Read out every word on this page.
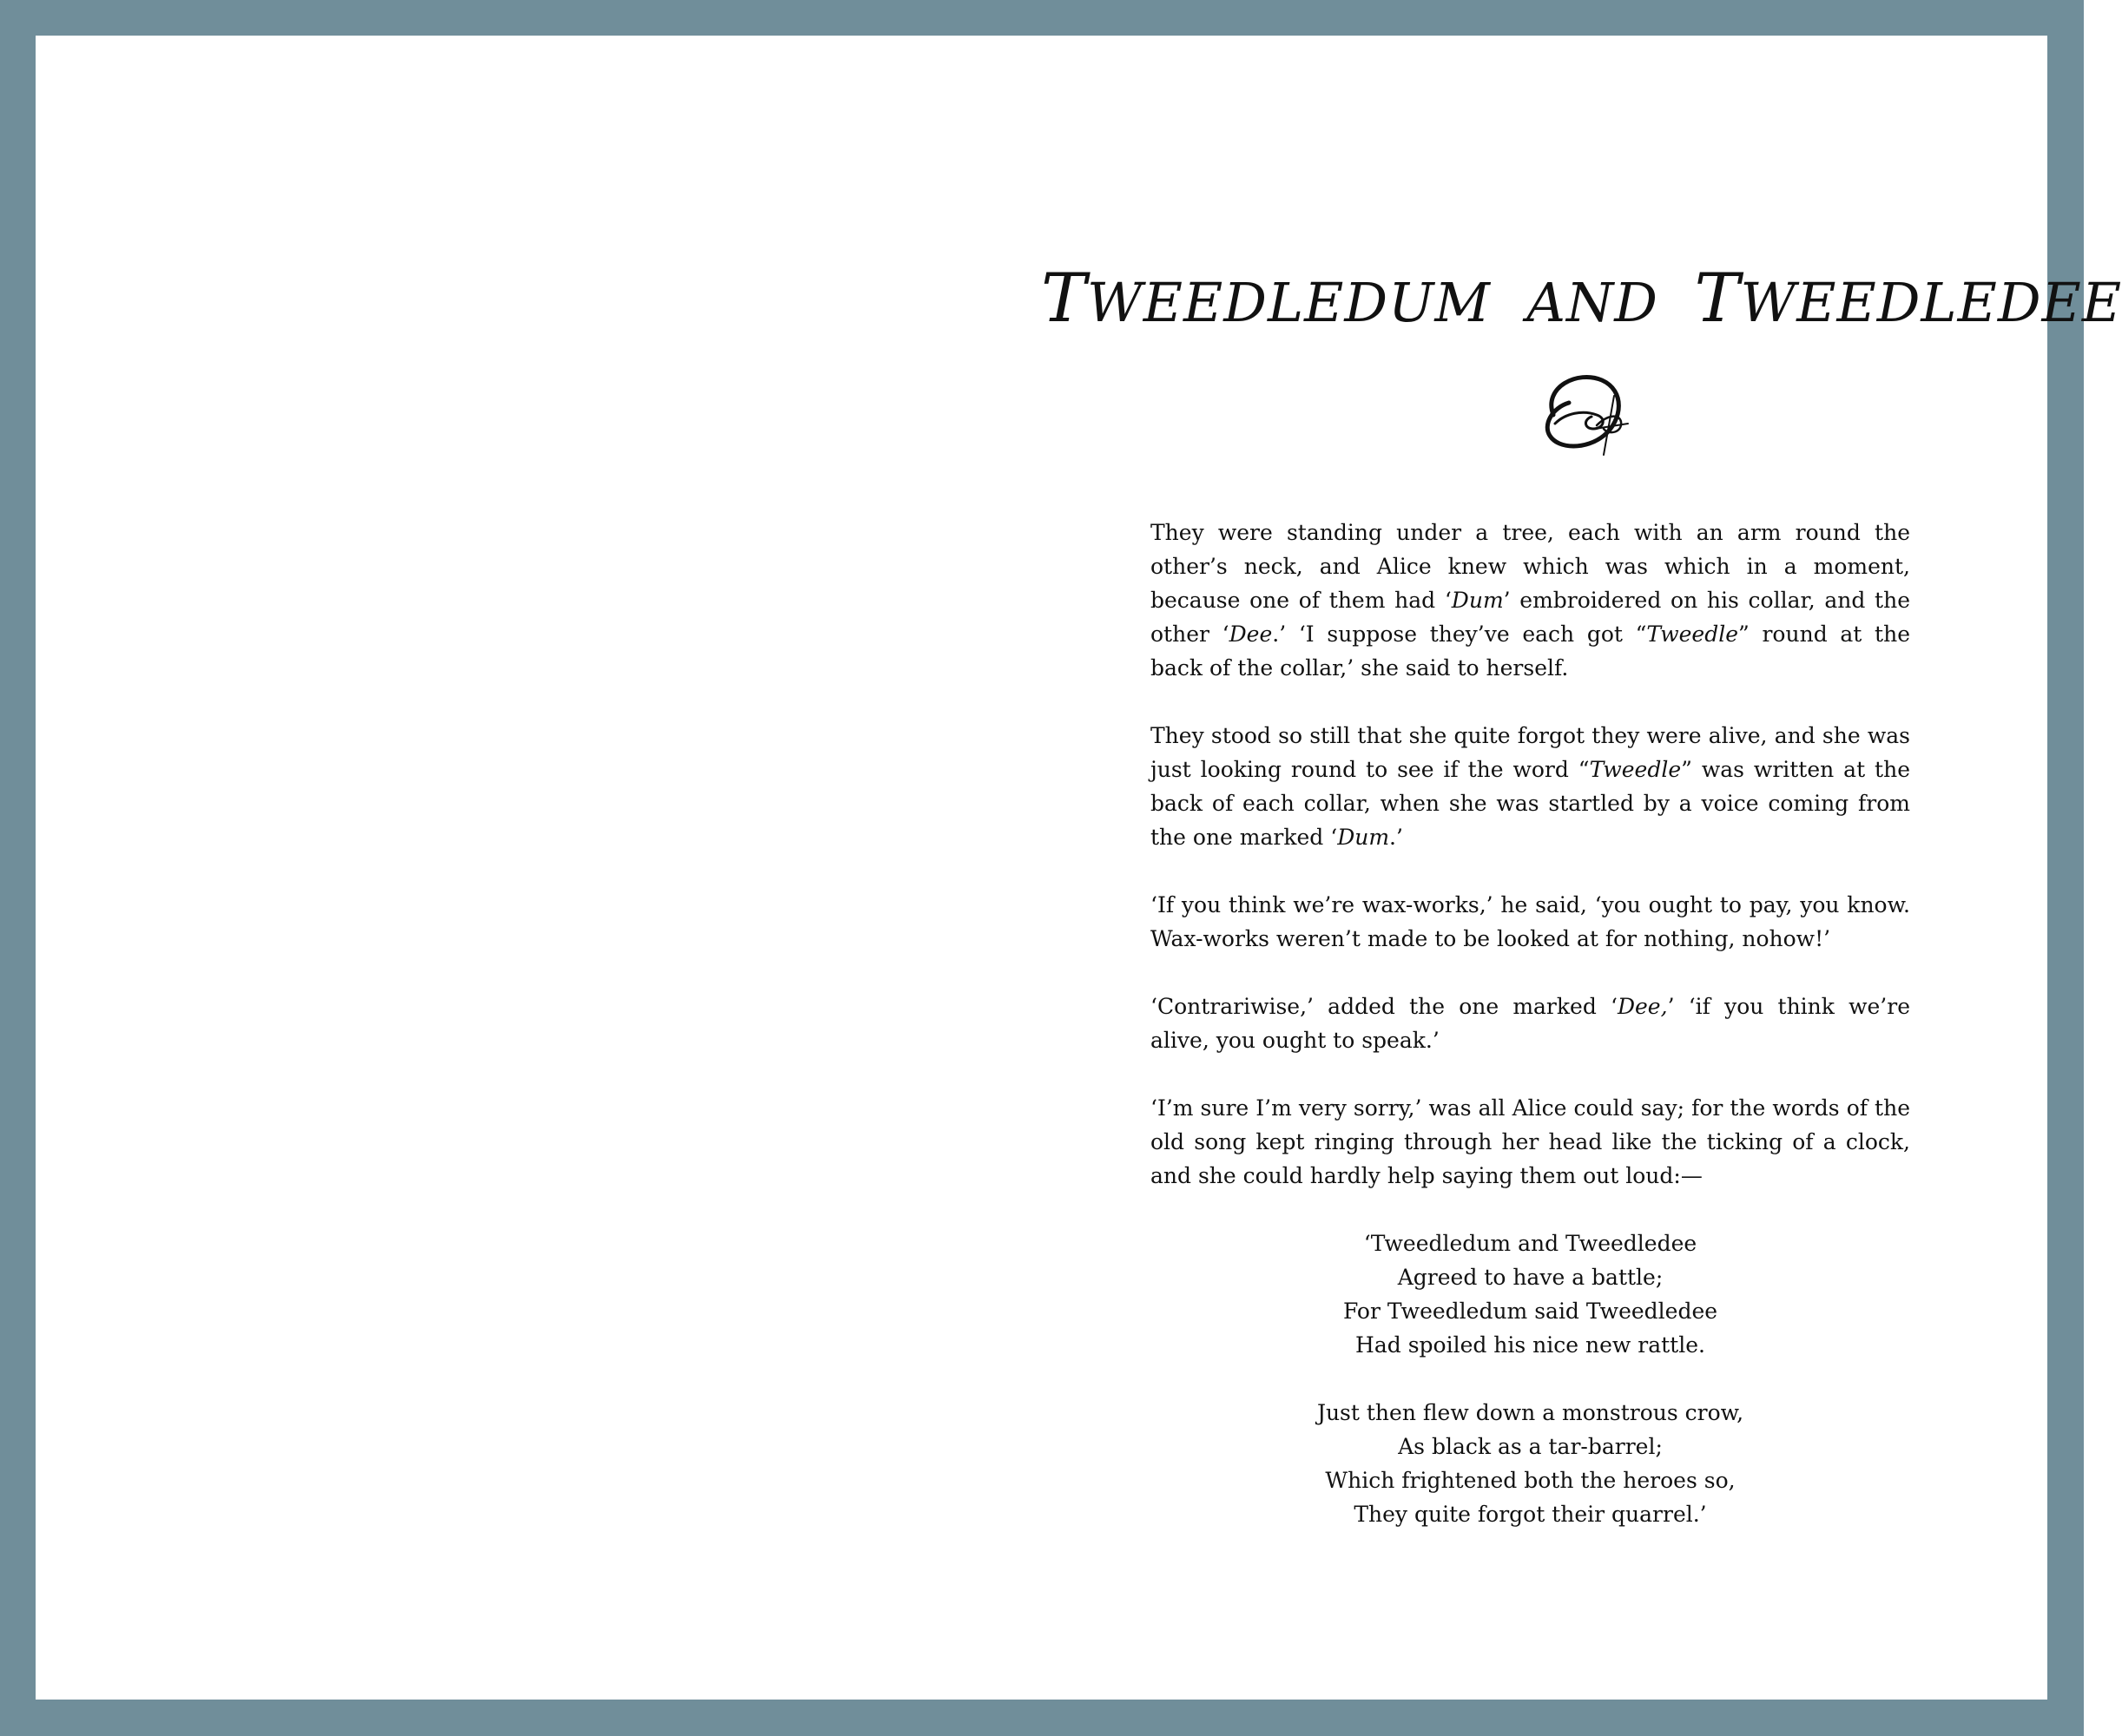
TWEEDLEDUM AND TWEEDLEDEE

They were standing under a tree, each with an arm round the other’s neck, and Alice knew which was which in a moment, because one of them had ‘Dum’ embroidered on his collar, and the other ‘Dee.’ ‘I suppose they’ve each got “Tweedle” round at the back of the collar,’ she said to herself.

They stood so still that she quite forgot they were alive, and she was just looking round to see if the word “Tweedle” was written at the back of each collar, when she was startled by a voice coming from the one marked ‘Dum.’

‘If you think we’re wax-works,’ he said, ‘you ought to pay, you know. Wax-works weren’t made to be looked at for nothing, nohow!’

‘Contrariwise,’ added the one marked ‘Dee,’ ‘if you think we’re alive, you ought to speak.’

‘I’m sure I’m very sorry,’ was all Alice could say; for the words of the old song kept ringing through her head like the ticking of a clock, and she could hardly help saying them out loud:—

‘Tweedledum and Tweedledee
Agreed to have a battle;
For Tweedledum said Tweedledee
Had spoiled his nice new rattle.
Just then flew down a monstrous crow,
As black as a tar-barrel;
Which frightened both the heroes so,
They quite forgot their quarrel.’
